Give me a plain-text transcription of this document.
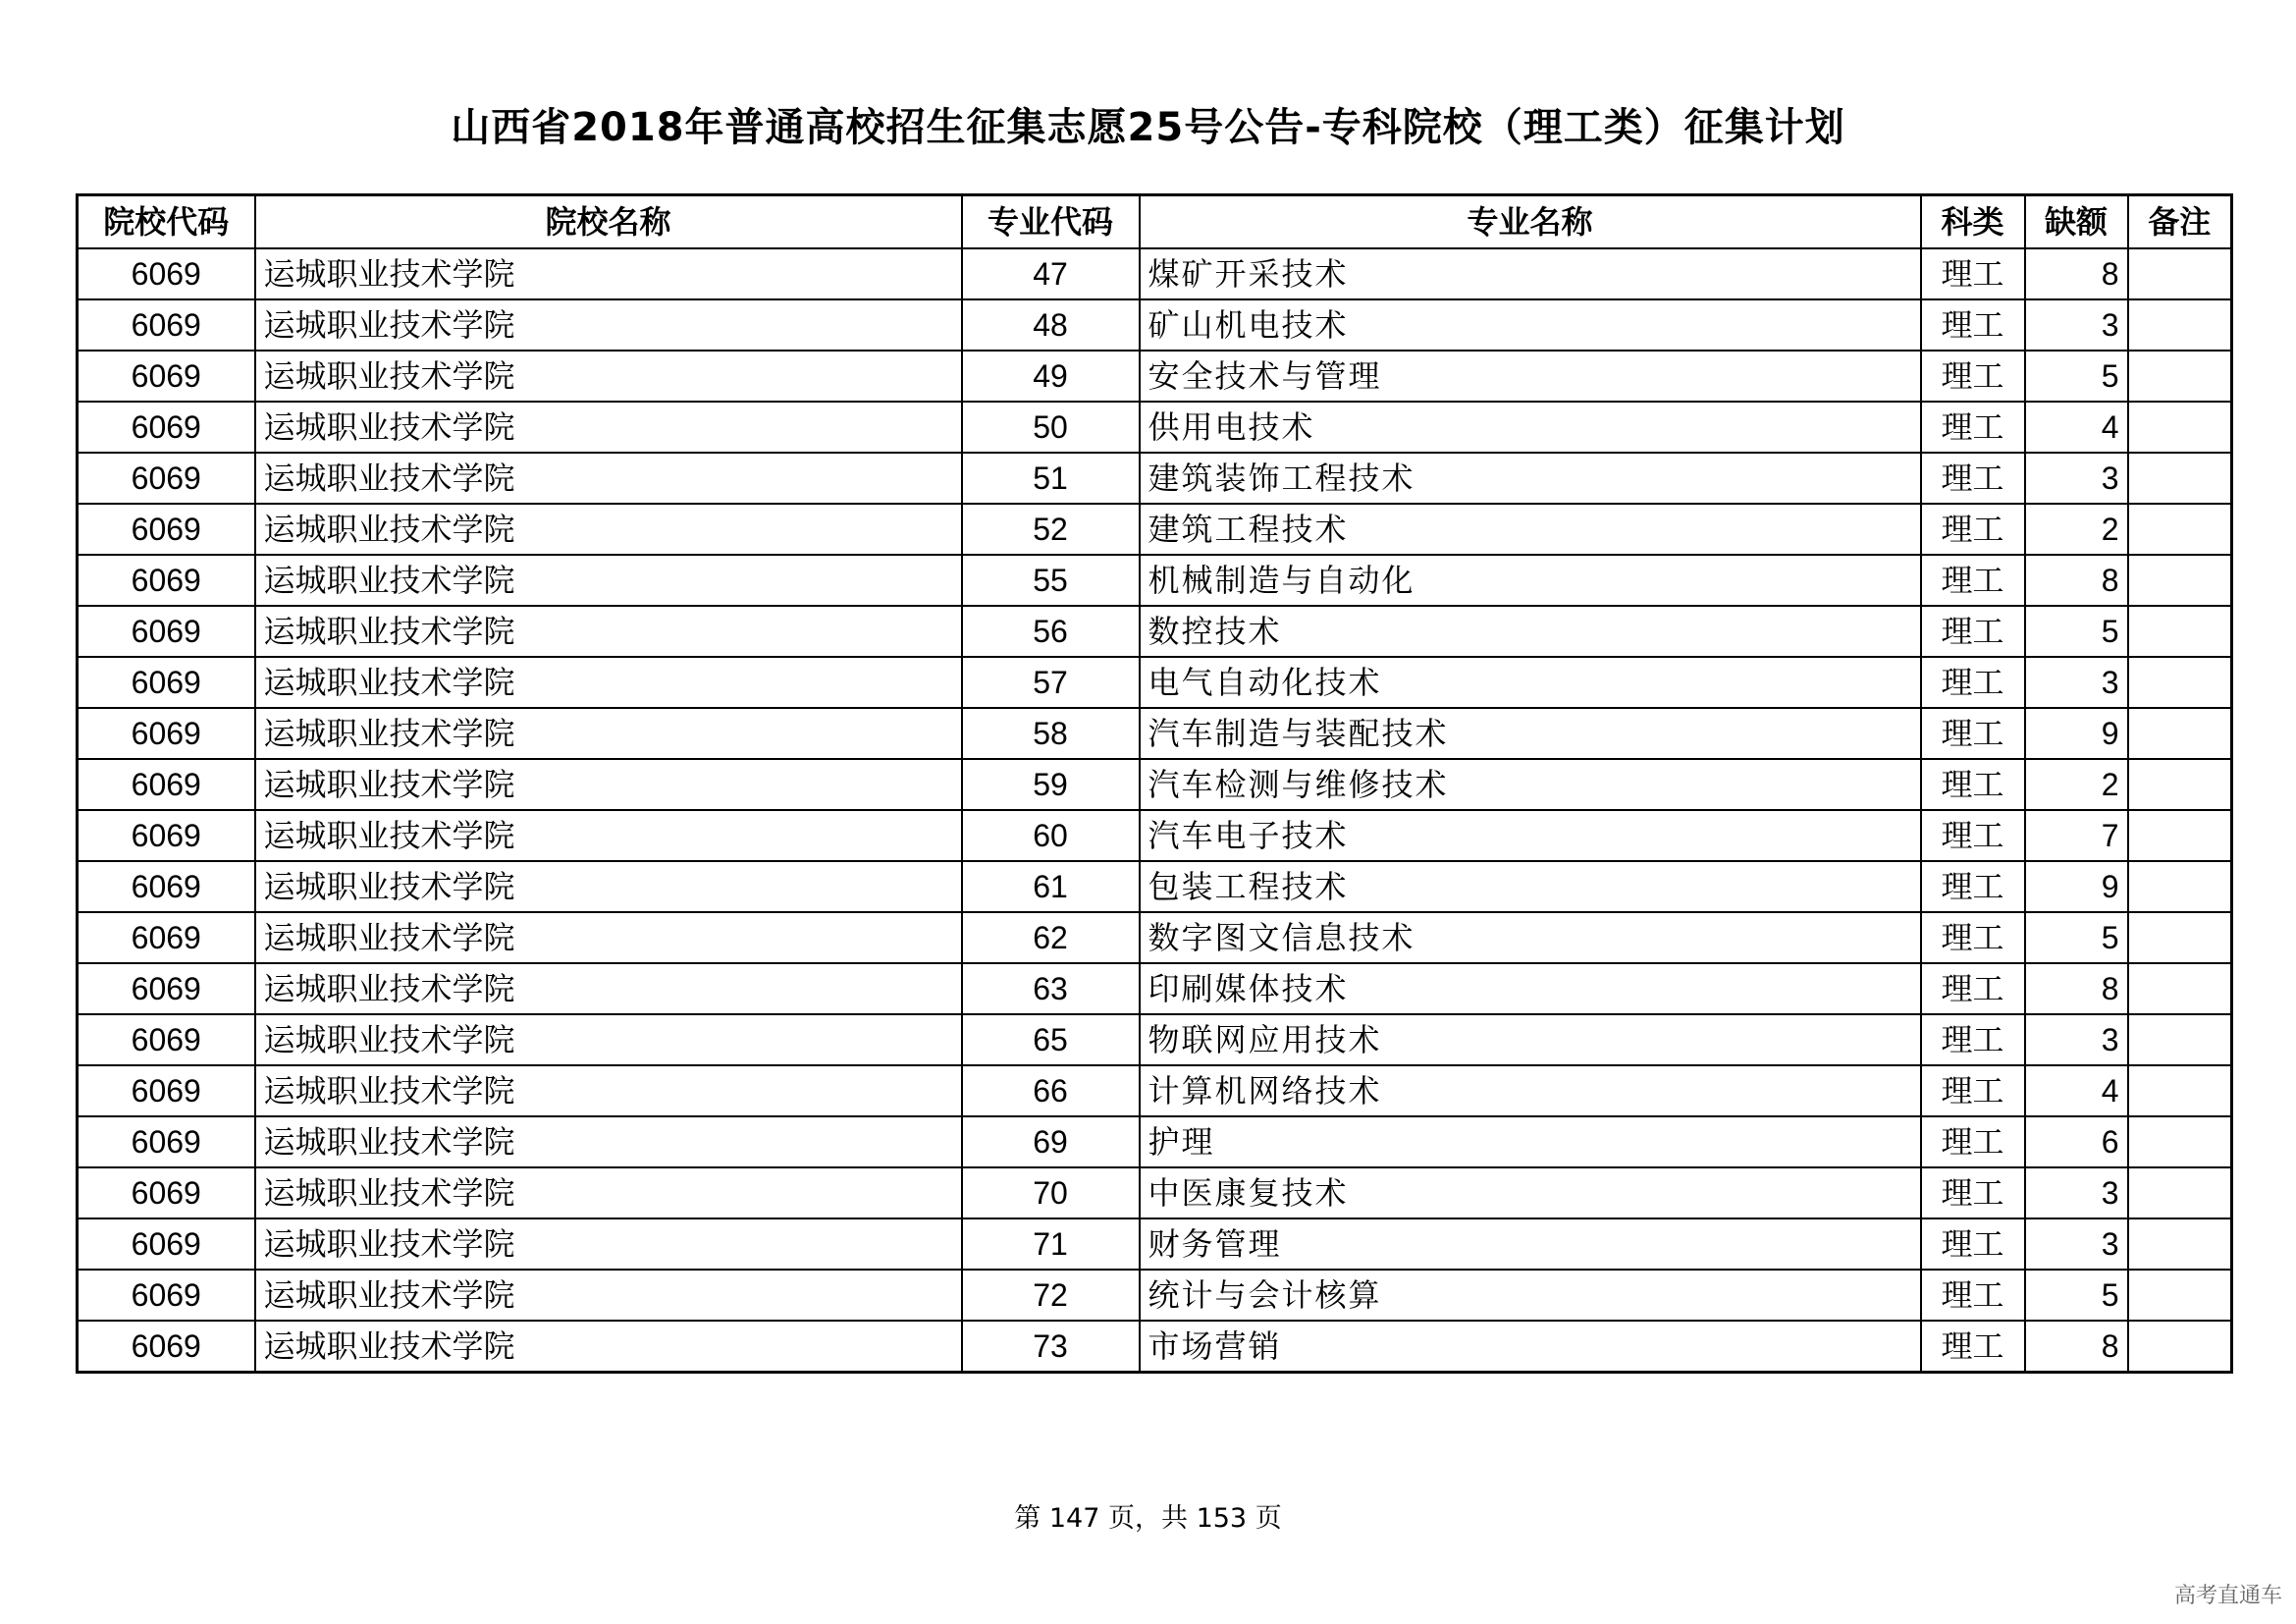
山西省2018年普通高校招生征集志愿25号公告-专科院校（理工类）征集计划
院校代码	院校名称	专业代码	专业名称	科类	缺额	备注
6069	运城职业技术学院	47	煤矿开采技术	理工	8	
6069	运城职业技术学院	48	矿山机电技术	理工	3	
6069	运城职业技术学院	49	安全技术与管理	理工	5	
6069	运城职业技术学院	50	供用电技术	理工	4	
6069	运城职业技术学院	51	建筑装饰工程技术	理工	3	
6069	运城职业技术学院	52	建筑工程技术	理工	2	
6069	运城职业技术学院	55	机械制造与自动化	理工	8	
6069	运城职业技术学院	56	数控技术	理工	5	
6069	运城职业技术学院	57	电气自动化技术	理工	3	
6069	运城职业技术学院	58	汽车制造与装配技术	理工	9	
6069	运城职业技术学院	59	汽车检测与维修技术	理工	2	
6069	运城职业技术学院	60	汽车电子技术	理工	7	
6069	运城职业技术学院	61	包装工程技术	理工	9	
6069	运城职业技术学院	62	数字图文信息技术	理工	5	
6069	运城职业技术学院	63	印刷媒体技术	理工	8	
6069	运城职业技术学院	65	物联网应用技术	理工	3	
6069	运城职业技术学院	66	计算机网络技术	理工	4	
6069	运城职业技术学院	69	护理	理工	6	
6069	运城职业技术学院	70	中医康复技术	理工	3	
6069	运城职业技术学院	71	财务管理	理工	3	
6069	运城职业技术学院	72	统计与会计核算	理工	5	
6069	运城职业技术学院	73	市场营销	理工	8	
第 147 页，共 153 页
高考直通车
